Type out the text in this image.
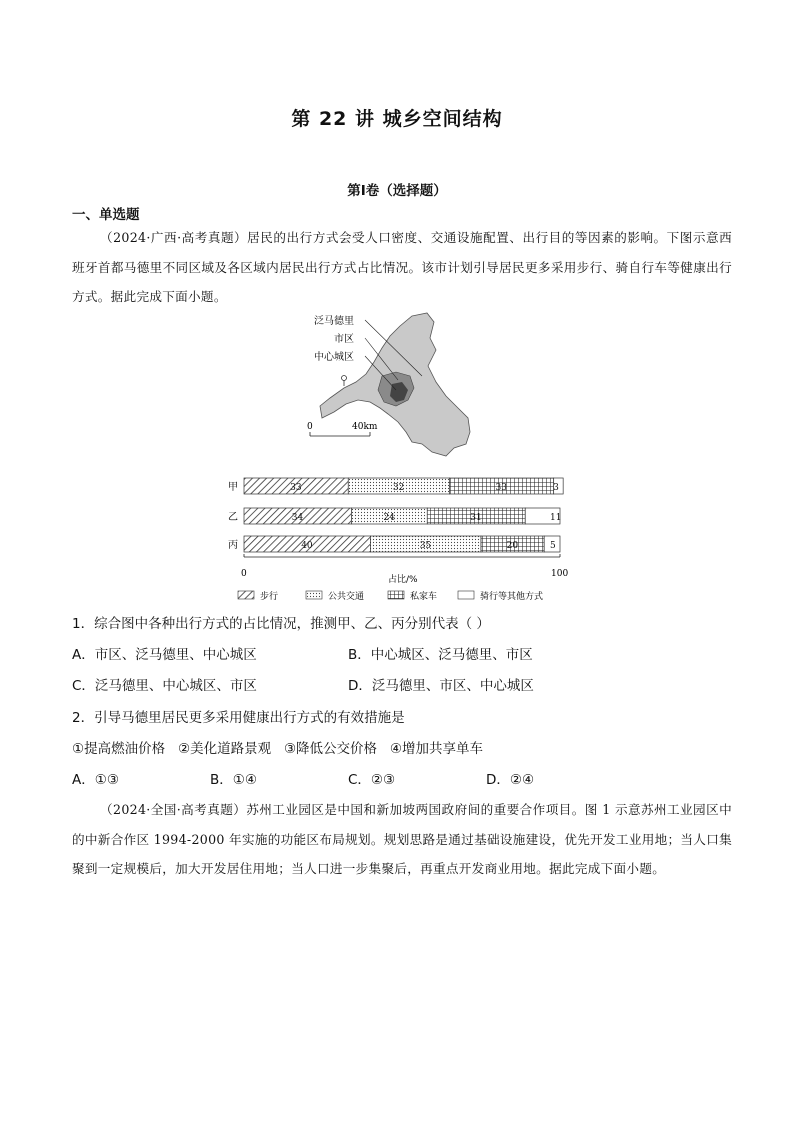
第 22 讲 城乡空间结构
第I卷（选择题）
一、单选题
（2024·广西·高考真题）居民的出行方式会受人口密度、交通设施配置、出行目的等因素的影响。下图示意西班牙首都马德里不同区域及各区域内居民出行方式占比情况。该市计划引导居民更多采用步行、骑自行车等健康出行方式。据此完成下面小题。
泛马德里
市区
中心城区
0	40km
甲	33	32	33	3
乙	34	24	31	11
丙	40	35	20	5
0	100
占比/%
步行	公共交通	私家车	骑行等其他方式
1．综合图中各种出行方式的占比情况，推测甲、乙、丙分别代表（ ）
A．市区、泛马德里、中心城区	B．中心城区、泛马德里、市区
C．泛马德里、中心城区、市区	D．泛马德里、市区、中心城区
2．引导马德里居民更多采用健康出行方式的有效措施是
①提高燃油价格   ②美化道路景观   ③降低公交价格   ④增加共享单车
A．①③	B．①④	C．②③	D．②④
（2024·全国·高考真题）苏州工业园区是中国和新加坡两国政府间的重要合作项目。图 1 示意苏州工业园区中的中新合作区 1994-2000 年实施的功能区布局规划。规划思路是通过基础设施建设，优先开发工业用地；当人口集聚到一定规模后，加大开发居住用地；当人口进一步集聚后，再重点开发商业用地。据此完成下面小题。
